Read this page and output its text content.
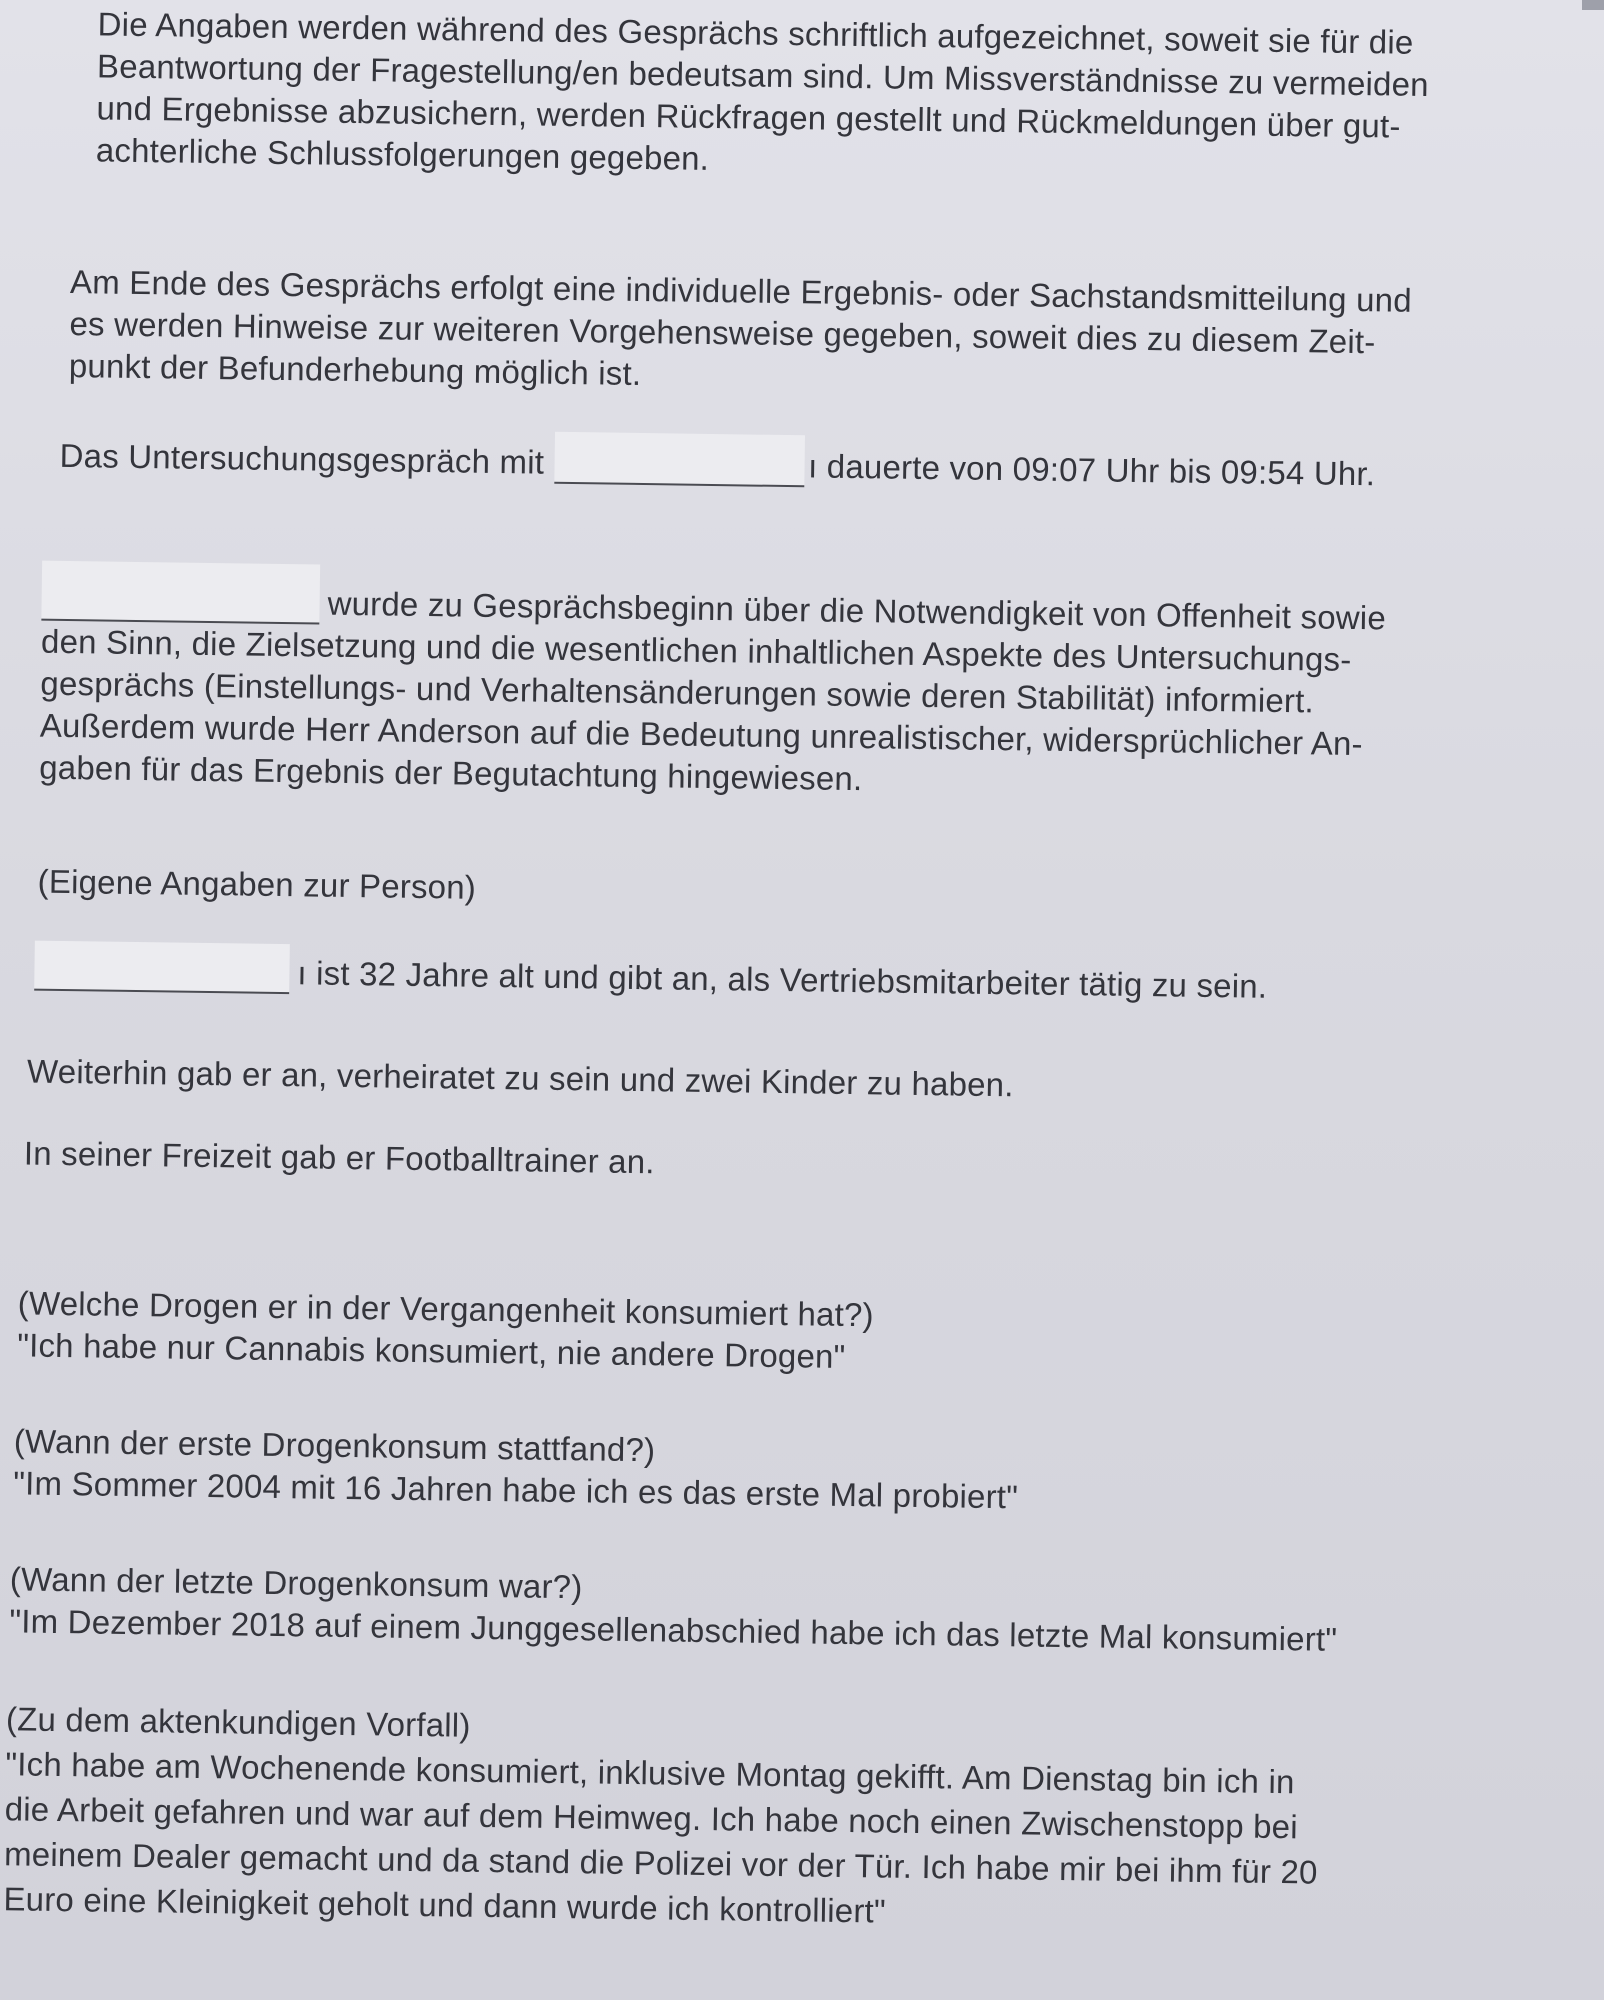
Die Angaben werden während des Gesprächs schriftlich aufgezeichnet, soweit sie für die
Beantwortung der Fragestellung/en bedeutsam sind. Um Missverständnisse zu vermeiden
und Ergebnisse abzusichern, werden Rückfragen gestellt und Rückmeldungen über gut-
achterliche Schlussfolgerungen gegeben.
Am Ende des Gesprächs erfolgt eine individuelle Ergebnis- oder Sachstandsmitteilung und
es werden Hinweise zur weiteren Vorgehensweise gegeben, soweit dies zu diesem Zeit-
punkt der Befunderhebung möglich ist.
Das Untersuchungsgespräch mit	ı dauerte von 09:07 Uhr bis 09:54 Uhr.
wurde zu Gesprächsbeginn über die Notwendigkeit von Offenheit sowie
den Sinn, die Zielsetzung und die wesentlichen inhaltlichen Aspekte des Untersuchungs-
gesprächs (Einstellungs- und Verhaltensänderungen sowie deren Stabilität) informiert.
Außerdem wurde Herr Anderson auf die Bedeutung unrealistischer, widersprüchlicher An-
gaben für das Ergebnis der Begutachtung hingewiesen.
(Eigene Angaben zur Person)
ı ist 32 Jahre alt und gibt an, als Vertriebsmitarbeiter tätig zu sein.
Weiterhin gab er an, verheiratet zu sein und zwei Kinder zu haben.
In seiner Freizeit gab er Footballtrainer an.
(Welche Drogen er in der Vergangenheit konsumiert hat?)
"Ich habe nur Cannabis konsumiert, nie andere Drogen"
(Wann der erste Drogenkonsum stattfand?)
"Im Sommer 2004 mit 16 Jahren habe ich es das erste Mal probiert"
(Wann der letzte Drogenkonsum war?)
"Im Dezember 2018 auf einem Junggesellenabschied habe ich das letzte Mal konsumiert"
(Zu dem aktenkundigen Vorfall)
"Ich habe am Wochenende konsumiert, inklusive Montag gekifft. Am Dienstag bin ich in
die Arbeit gefahren und war auf dem Heimweg. Ich habe noch einen Zwischenstopp bei
meinem Dealer gemacht und da stand die Polizei vor der Tür. Ich habe mir bei ihm für 20
Euro eine Kleinigkeit geholt und dann wurde ich kontrolliert"
